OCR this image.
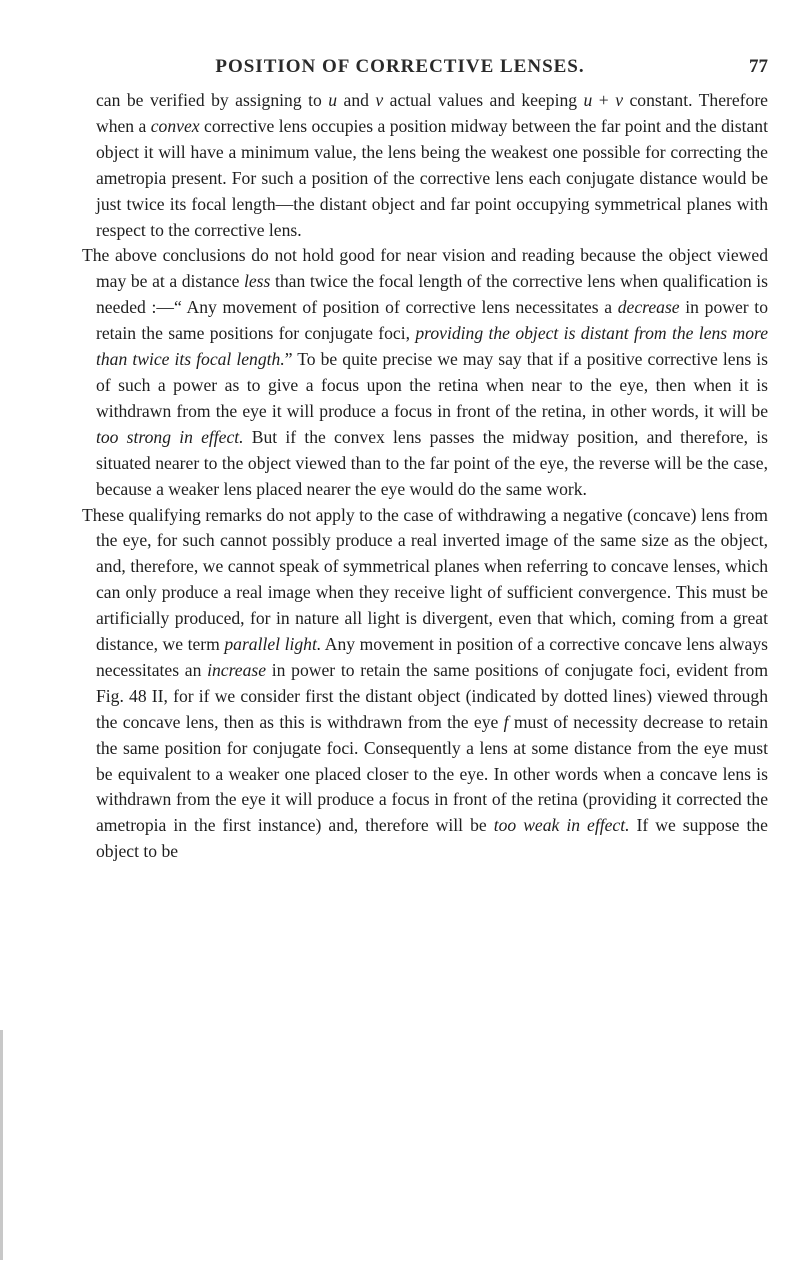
POSITION OF CORRECTIVE LENSES.	77

can be verified by assigning to u and v actual values and keeping u + v constant. Therefore when a convex corrective lens occupies a position midway between the far point and the distant object it will have a minimum value, the lens being the weakest one possible for correcting the ametropia present. For such a position of the corrective lens each conjugate distance would be just twice its focal length—the distant object and far point occupying symmetrical planes with respect to the corrective lens.

The above conclusions do not hold good for near vision and reading because the object viewed may be at a distance less than twice the focal length of the corrective lens when qualification is needed :—“ Any movement of position of corrective lens necessitates a decrease in power to retain the same positions for conjugate foci, providing the object is distant from the lens more than twice its focal length.” To be quite precise we may say that if a positive corrective lens is of such a power as to give a focus upon the retina when near to the eye, then when it is withdrawn from the eye it will produce a focus in front of the retina, in other words, it will be too strong in effect. But if the convex lens passes the midway position, and therefore, is situated nearer to the object viewed than to the far point of the eye, the reverse will be the case, because a weaker lens placed nearer the eye would do the same work.

These qualifying remarks do not apply to the case of withdrawing a negative (concave) lens from the eye, for such cannot possibly produce a real inverted image of the same size as the object, and, therefore, we cannot speak of symmetrical planes when referring to concave lenses, which can only produce a real image when they receive light of sufficient convergence. This must be artificially produced, for in nature all light is divergent, even that which, coming from a great distance, we term parallel light. Any movement in position of a corrective concave lens always necessitates an increase in power to retain the same positions of conjugate foci, evident from Fig. 48 II, for if we consider first the distant object (indicated by dotted lines) viewed through the concave lens, then as this is withdrawn from the eye f must of necessity decrease to retain the same position for conjugate foci. Consequently a lens at some distance from the eye must be equivalent to a weaker one placed closer to the eye. In other words when a concave lens is withdrawn from the eye it will produce a focus in front of the retina (providing it corrected the ametropia in the first instance) and, therefore will be too weak in effect. If we suppose the object to be
